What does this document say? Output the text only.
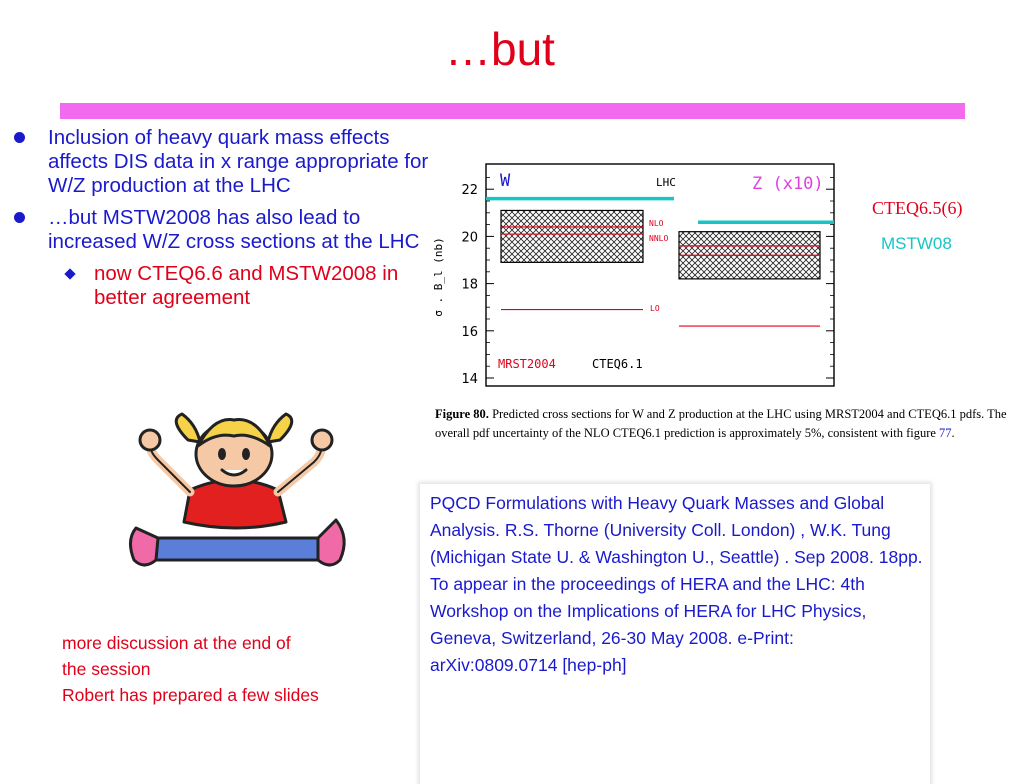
…but
Inclusion of heavy quark mass effects affects DIS data in x range appropriate for W/Z production at the LHC
…but MSTW2008 has also lead to increased W/Z cross sections at the LHC
now CTEQ6.6 and MSTW2008 in better agreement
more discussion at the end of
the session
Robert has prepared a few slides
σ . B_l (nb)
14
16
18
20
22 W	LHC	Z (x10)
NLO
NNLO
LO
MRST2004	CTEQ6.1
CTEQ6.5(6)
MSTW08
Figure 80. Predicted cross sections for W and Z production at the LHC using MRST2004 and CTEQ6.1 pdfs. The overall pdf uncertainty of the NLO CTEQ6.1 prediction is approximately 5%, consistent with figure 77.
PQCD Formulations with Heavy Quark Masses and Global Analysis. R.S. Thorne (University Coll. London) , W.K. Tung (Michigan State U. & Washington U., Seattle) . Sep 2008. 18pp. To appear in the proceedings of HERA and the LHC: 4th Workshop on the Implications of HERA for LHC Physics, Geneva, Switzerland, 26-30 May 2008. e-Print: arXiv:0809.0714 [hep-ph]
